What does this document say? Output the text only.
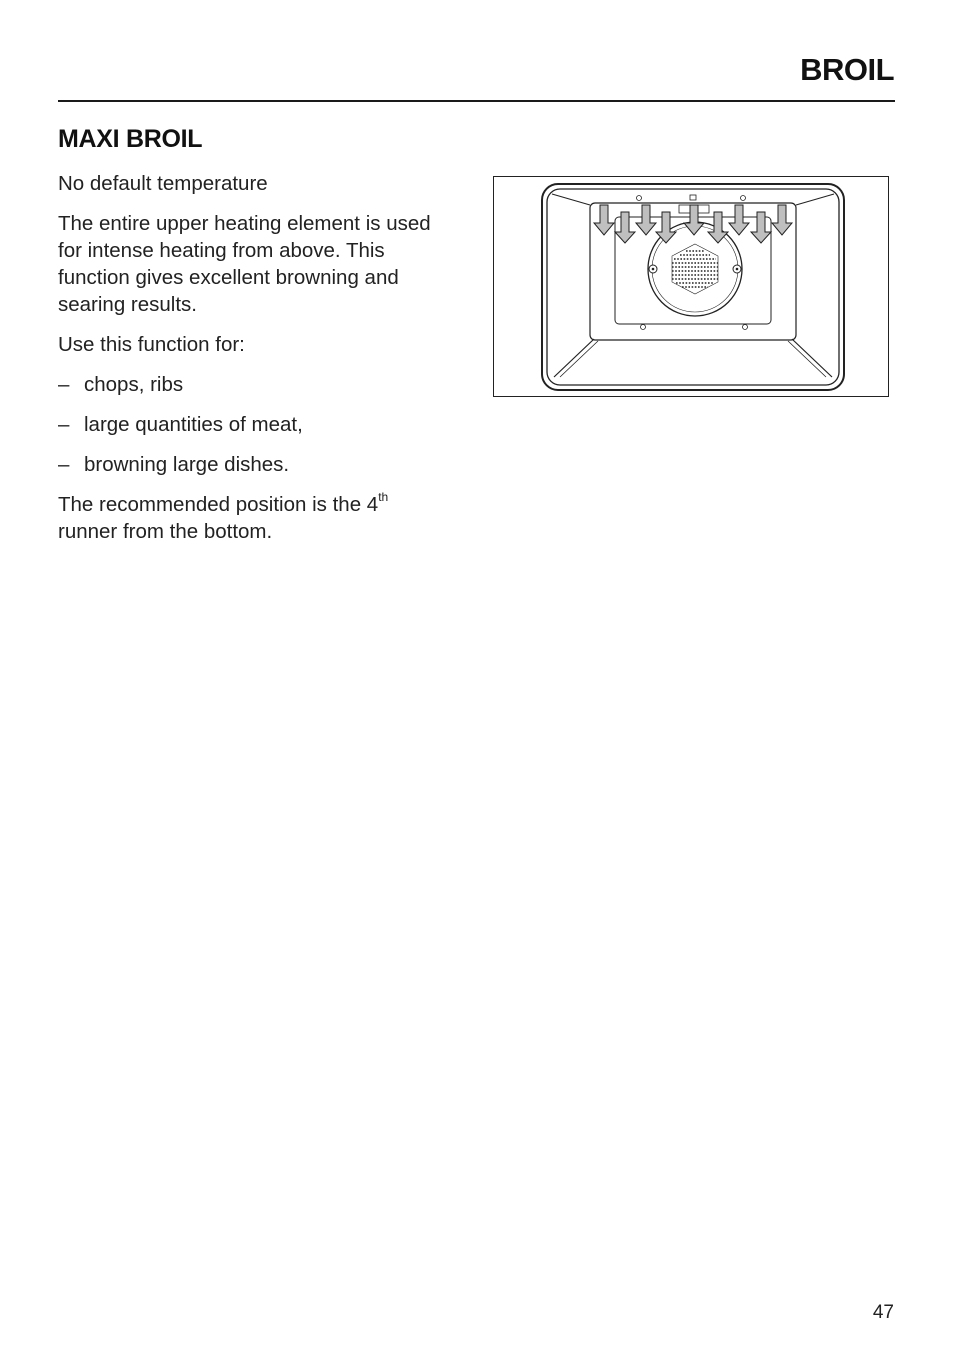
BROIL
MAXI BROIL

No default temperature

The entire upper heating element is used for intense heating from above. This function gives excellent browning and searing results.

Use this function for:

– chops, ribs
– large quantities of meat,
– browning large dishes.

The recommended position is the 4th
runner from the bottom.

47
